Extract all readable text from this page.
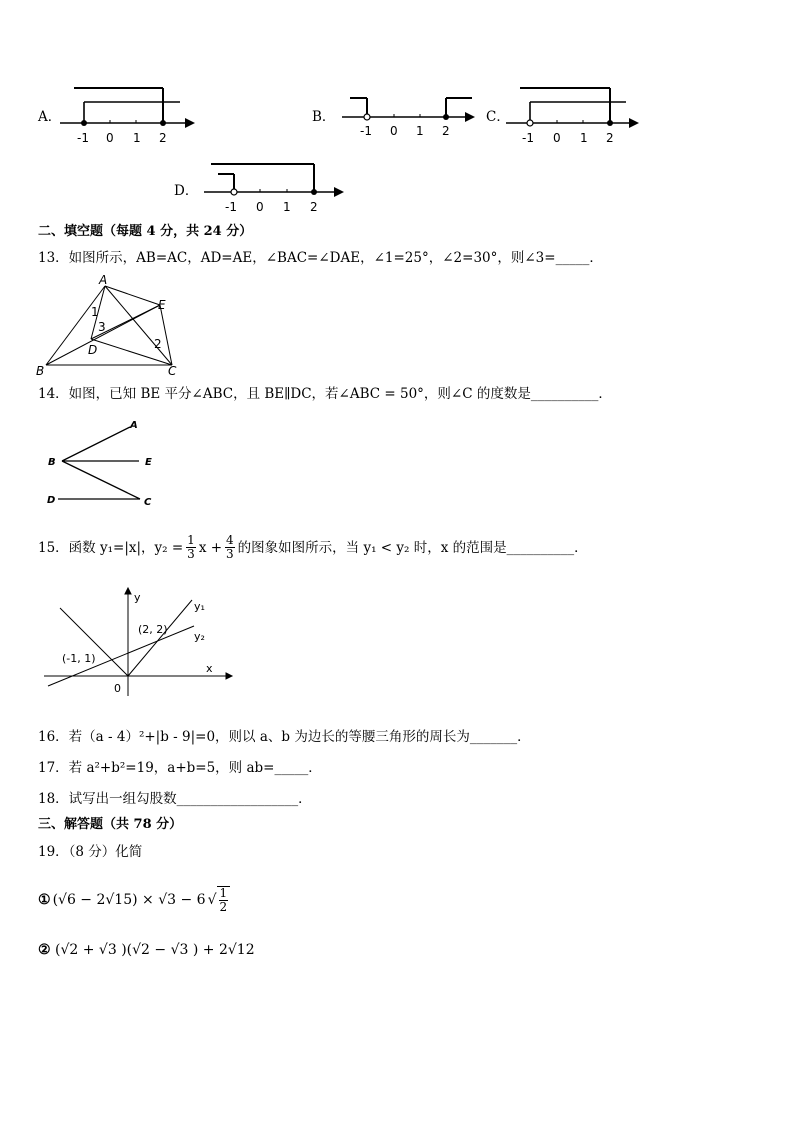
A．
-1 0 1 2
B．
-1 0 1 2
C．
-1 0 1 2
D．
-1 0 1 2
二、填空题（每题 4 分，共 24 分）
13．如图所示，AB=AC，AD=AE，∠BAC=∠DAE，∠1=25°，∠2=30°，则∠3=_____．
A
B	C
D
E
1
2
3
14．如图，已知 BE 平分∠ABC，且 BE∥DC，若∠ABC = 50°，则∠C 的度数是__________．
A
B	E
D	C
15．函数 y₁=|x|，$y_2 = \frac{1}{3}$ $x + \frac{4}{3}$ 的图象如图所示，当 y₁ < y₂ 时，x 的范围是__________．
y
x
0
y₁
y₂
(2, 2)
(-1, 1)
16．若（a - 4）²+|b - 9|=0，则以 a、b 为边长的等腰三角形的周长为_______．
17．若 a²+b²=19，a+b=5，则 ab=_____．
18．试写出一组勾股数__________________．
三、解答题（共 78 分）
19．（8 分）化简
① (√6 − 2√15) × √3 − 6 √ $\frac{1}{2}$
② (√2 + √3 )(√2 − √3 ) + 2√12
